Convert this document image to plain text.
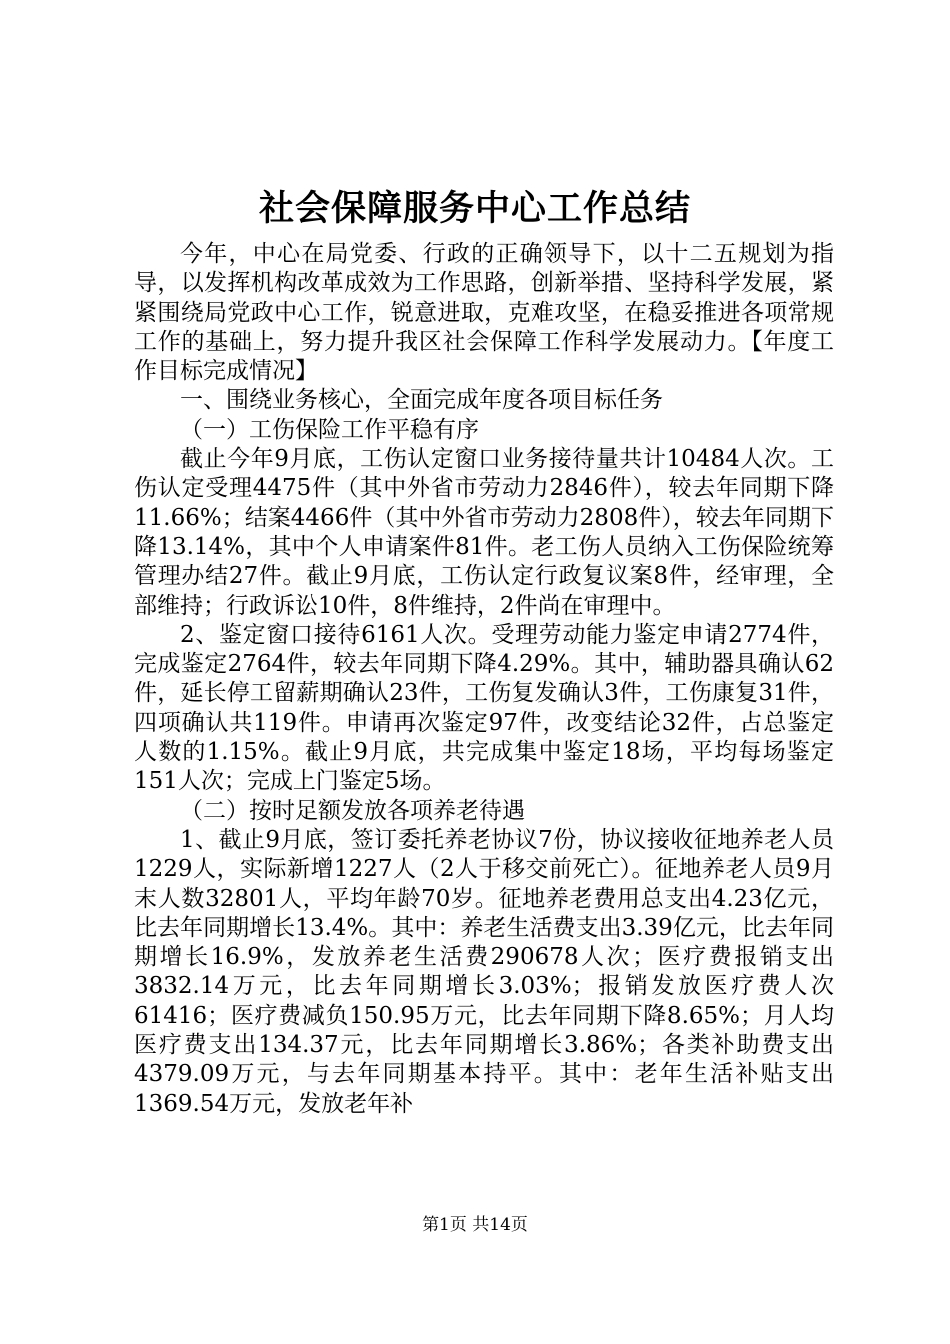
社会保障服务中心工作总结

今年，中心在局党委、行政的正确领导下，以十二五规划为指导，以发挥机构改革成效为工作思路，创新举措、坚持科学发展，紧紧围绕局党政中心工作，锐意进取，克难攻坚，在稳妥推进各项常规工作的基础上，努力提升我区社会保障工作科学发展动力。【年度工作目标完成情况】

一、围绕业务核心，全面完成年度各项目标任务

（一）工伤保险工作平稳有序

截止今年9月底，工伤认定窗口业务接待量共计10484人次。工伤认定受理4475件（其中外省市劳动力2846件），较去年同期下降11.66%；结案4466件（其中外省市劳动力2808件），较去年同期下降13.14%，其中个人申请案件81件。老工伤人员纳入工伤保险统筹管理办结27件。截止9月底，工伤认定行政复议案8件，经审理，全部维持；行政诉讼10件，8件维持，2件尚在审理中。

2、鉴定窗口接待6161人次。受理劳动能力鉴定申请2774件，完成鉴定2764件，较去年同期下降4.29%。其中，辅助器具确认62件，延长停工留薪期确认23件，工伤复发确认3件，工伤康复31件，四项确认共119件。申请再次鉴定97件，改变结论32件，占总鉴定人数的1.15%。截止9月底，共完成集中鉴定18场，平均每场鉴定151人次；完成上门鉴定5场。

（二）按时足额发放各项养老待遇

1、截止9月底，签订委托养老协议7份，协议接收征地养老人员1229人，实际新增1227人（2人于移交前死亡）。征地养老人员9月末人数32801人，平均年龄70岁。征地养老费用总支出4.23亿元，比去年同期增长13.4%。其中：养老生活费支出3.39亿元，比去年同期增长16.9%，发放养老生活费290678人次；医疗费报销支出3832.14万元，比去年同期增长3.03%；报销发放医疗费人次61416；医疗费减负150.95万元，比去年同期下降8.65%；月人均医疗费支出134.37元，比去年同期增长3.86%；各类补助费支出4379.09万元，与去年同期基本持平。其中：老年生活补贴支出1369.54万元，发放老年补

第1页 共14页
